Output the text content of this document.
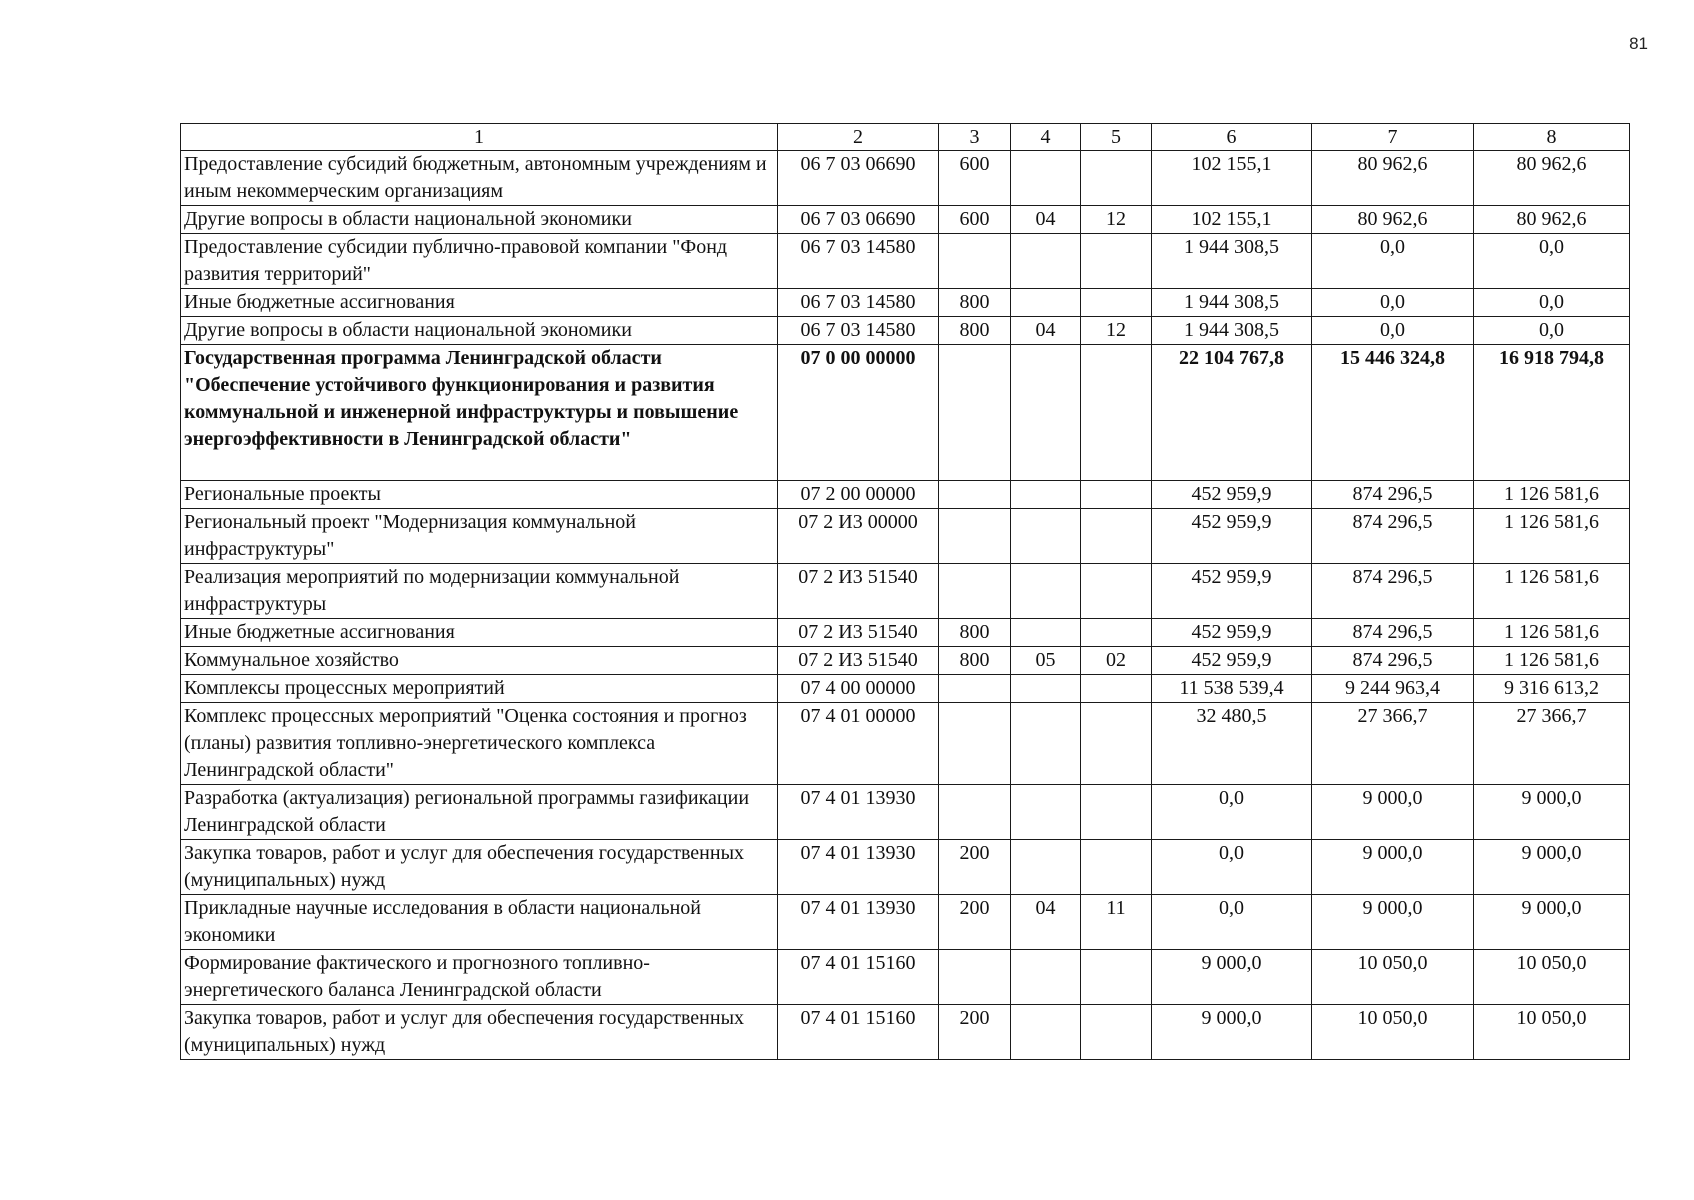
81
1	2	3	4	5	6	7	8
Предоставление субсидий бюджетным, автономным учреждениям и иным некоммерческим организациям	06 7 03 06690	600			102 155,1	80 962,6	80 962,6
Другие вопросы в области национальной экономики	06 7 03 06690	600	04	12	102 155,1	80 962,6	80 962,6
Предоставление субсидии публично-правовой компании "Фонд развития территорий"	06 7 03 14580				1 944 308,5	0,0	0,0
Иные бюджетные ассигнования	06 7 03 14580	800			1 944 308,5	0,0	0,0
Другие вопросы в области национальной экономики	06 7 03 14580	800	04	12	1 944 308,5	0,0	0,0
Государственная программа Ленинградской области "Обеспечение устойчивого функционирования и развития коммунальной и инженерной инфраструктуры и повышение энергоэффективности в Ленинградской области"	07 0 00 00000				22 104 767,8	15 446 324,8	16 918 794,8
Региональные проекты	07 2 00 00000				452 959,9	874 296,5	1 126 581,6
Региональный проект "Модернизация коммунальной инфраструктуры"	07 2 И3 00000				452 959,9	874 296,5	1 126 581,6
Реализация мероприятий по модернизации коммунальной инфраструктуры	07 2 И3 51540				452 959,9	874 296,5	1 126 581,6
Иные бюджетные ассигнования	07 2 И3 51540	800			452 959,9	874 296,5	1 126 581,6
Коммунальное хозяйство	07 2 И3 51540	800	05	02	452 959,9	874 296,5	1 126 581,6
Комплексы процессных мероприятий	07 4 00 00000				11 538 539,4	9 244 963,4	9 316 613,2
Комплекс процессных мероприятий "Оценка состояния и прогноз (планы) развития топливно-энергетического комплекса Ленинградской области"	07 4 01 00000				32 480,5	27 366,7	27 366,7
Разработка (актуализация) региональной программы газификации Ленинградской области	07 4 01 13930				0,0	9 000,0	9 000,0
Закупка товаров, работ и услуг для обеспечения государственных (муниципальных) нужд	07 4 01 13930	200			0,0	9 000,0	9 000,0
Прикладные научные исследования в области национальной экономики	07 4 01 13930	200	04	11	0,0	9 000,0	9 000,0
Формирование фактического и прогнозного топливно-энергетического баланса Ленинградской области	07 4 01 15160				9 000,0	10 050,0	10 050,0
Закупка товаров, работ и услуг для обеспечения государственных (муниципальных) нужд	07 4 01 15160	200			9 000,0	10 050,0	10 050,0
